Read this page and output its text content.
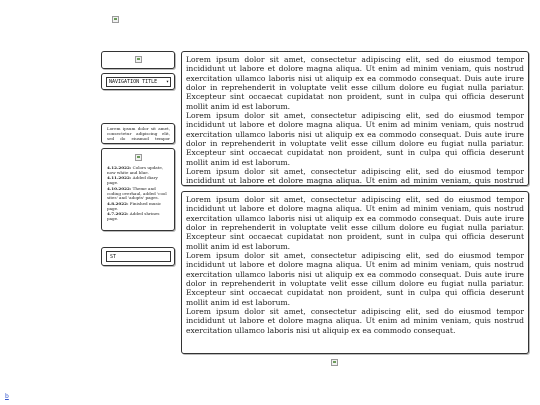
NAVIGATION TITLE ▾
Lorem ipsum dolor sit amet, consectetur adipiscing elit, sed do eiusmod tempor
4.12.2022: Colors update, now white and blue.
4.11.2022: Added diary page.
4.10.2022: Theme and coding overhaul, added 'cool sites' and 'adopts' pages.
4.8.2022: Finished music page.
4.7.2022: Added shrines page.
ST

Lorem ipsum dolor sit amet, consectetur adipiscing elit, sed do eiusmod tempor incididunt ut labore et dolore magna aliqua. Ut enim ad minim veniam, quis nostrud exercitation ullamco laboris nisi ut aliquip ex ea commodo consequat. Duis aute irure dolor in reprehenderit in voluptate velit esse cillum dolore eu fugiat nulla pariatur. Excepteur sint occaecat cupidatat non proident, sunt in culpa qui officia deserunt mollit anim id est laborum.

Lorem ipsum dolor sit amet, consectetur adipiscing elit, sed do eiusmod tempor incididunt ut labore et dolore magna aliqua. Ut enim ad minim veniam, quis nostrud exercitation ullamco laboris nisi ut aliquip ex ea commodo consequat. Duis aute irure dolor in reprehenderit in voluptate velit esse cillum dolore eu fugiat nulla pariatur. Excepteur sint occaecat cupidatat non proident, sunt in culpa qui officia deserunt mollit anim id est laborum.

Lorem ipsum dolor sit amet, consectetur adipiscing elit, sed do eiusmod tempor incididunt ut labore et dolore magna aliqua. Ut enim ad minim veniam, quis nostrud

Lorem ipsum dolor sit amet, consectetur adipiscing elit, sed do eiusmod tempor incididunt ut labore et dolore magna aliqua. Ut enim ad minim veniam, quis nostrud exercitation ullamco laboris nisi ut aliquip ex ea commodo consequat. Duis aute irure dolor in reprehenderit in voluptate velit esse cillum dolore eu fugiat nulla pariatur. Excepteur sint occaecat cupidatat non proident, sunt in culpa qui officia deserunt mollit anim id est laborum.

Lorem ipsum dolor sit amet, consectetur adipiscing elit, sed do eiusmod tempor incididunt ut labore et dolore magna aliqua. Ut enim ad minim veniam, quis nostrud exercitation ullamco laboris nisi ut aliquip ex ea commodo consequat. Duis aute irure dolor in reprehenderit in voluptate velit esse cillum dolore eu fugiat nulla pariatur. Excepteur sint occaecat cupidatat non proident, sunt in culpa qui officia deserunt mollit anim id est laborum.

Lorem ipsum dolor sit amet, consectetur adipiscing elit, sed do eiusmod tempor incididunt ut labore et dolore magna aliqua. Ut enim ad minim veniam, quis nostrud exercitation ullamco laboris nisi ut aliquip ex ea commodo consequat.

b
